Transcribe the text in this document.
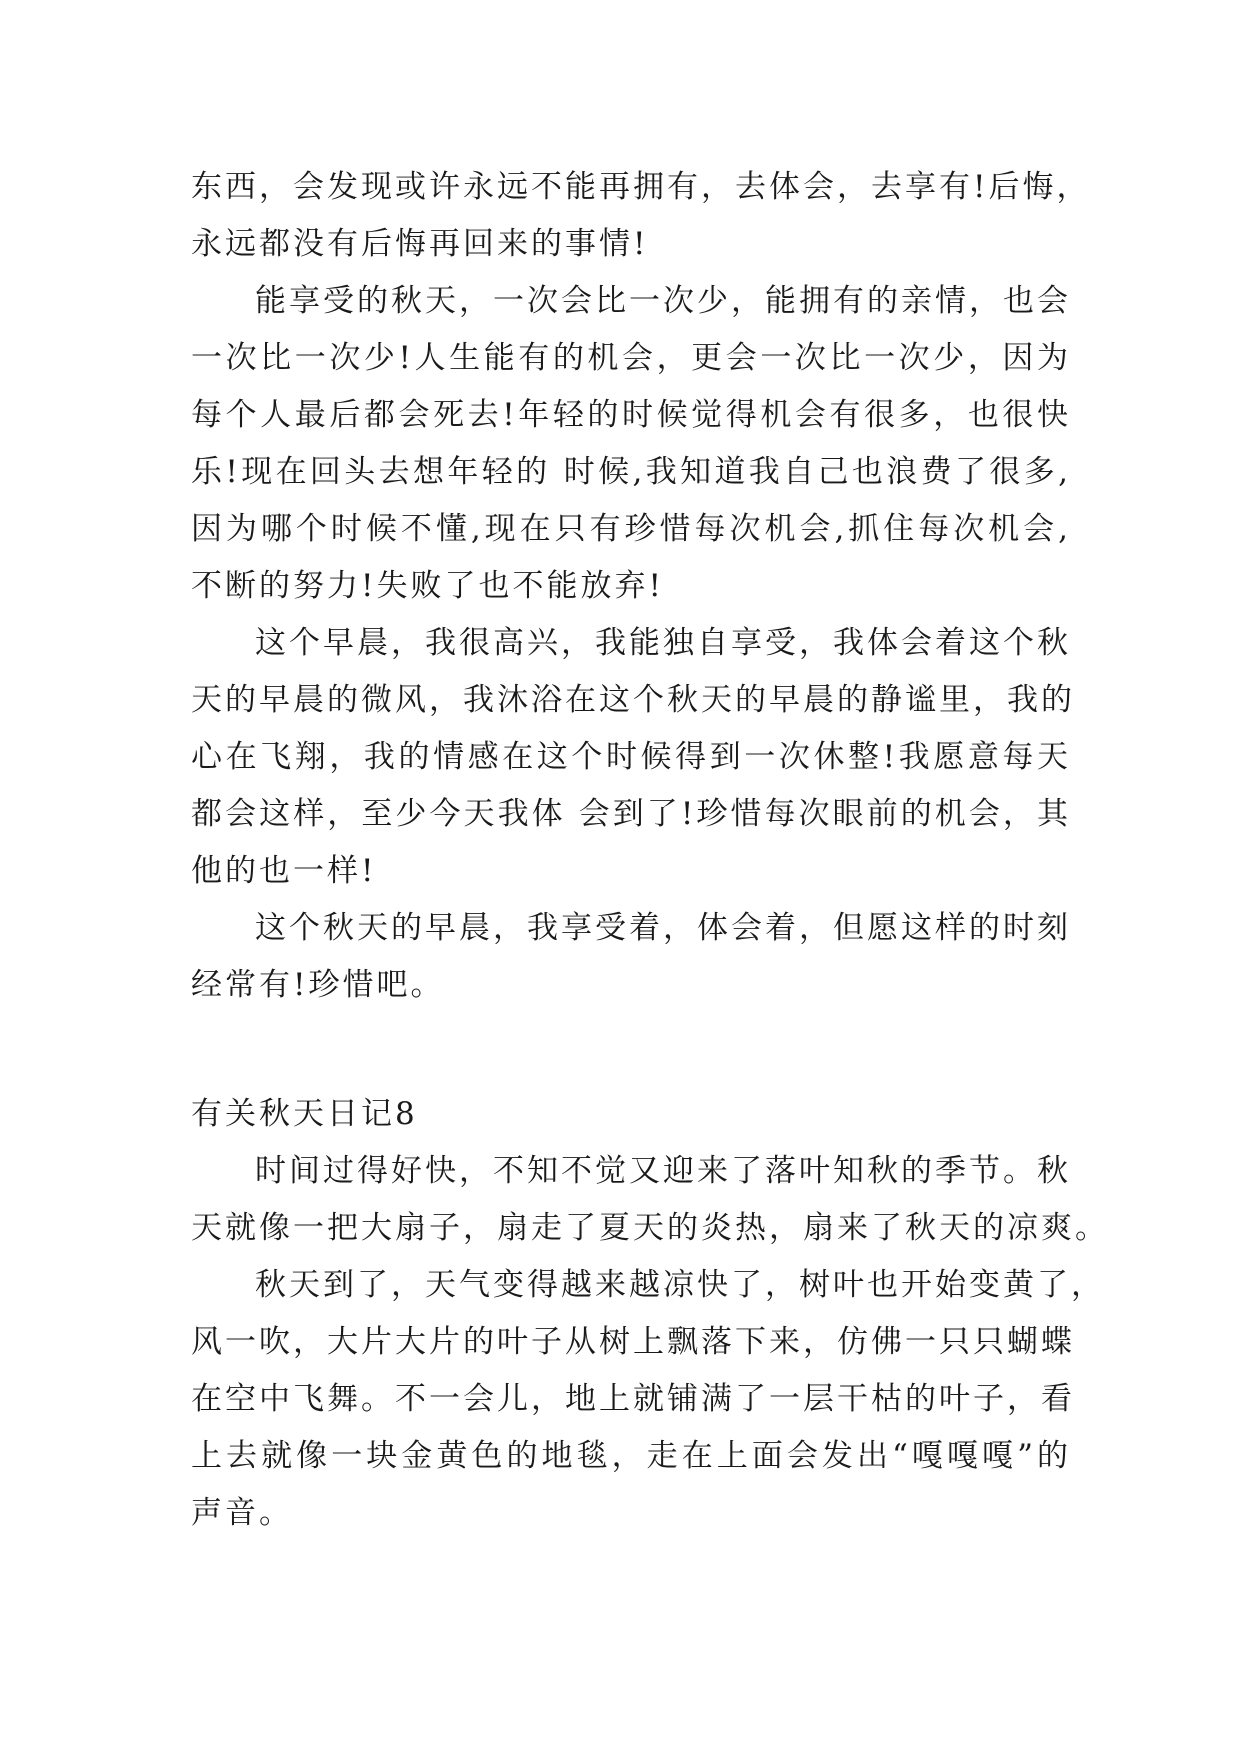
东西，会发现或许永远不能再拥有，去体会，去享有!后悔，
永远都没有后悔再回来的事情!
能享受的秋天，一次会比一次少，能拥有的亲情，也会
一次比一次少!人生能有的机会，更会一次比一次少，因为
每个人最后都会死去!年轻的时候觉得机会有很多，也很快
乐!现在回头去想年轻的 时候,我知道我自己也浪费了很多,
因为哪个时候不懂,现在只有珍惜每次机会,抓住每次机会,
不断的努力!失败了也不能放弃!
这个早晨，我很高兴，我能独自享受，我体会着这个秋
天的早晨的微风，我沐浴在这个秋天的早晨的静谧里，我的
心在飞翔，我的情感在这个时候得到一次休整!我愿意每天
都会这样，至少今天我体 会到了!珍惜每次眼前的机会，其
他的也一样!
这个秋天的早晨，我享受着，体会着，但愿这样的时刻
经常有!珍惜吧。
有关秋天日记8
时间过得好快，不知不觉又迎来了落叶知秋的季节。秋
天就像一把大扇子，扇走了夏天的炎热，扇来了秋天的凉爽。
秋天到了，天气变得越来越凉快了，树叶也开始变黄了，
风一吹，大片大片的叶子从树上飘落下来，仿佛一只只蝴蝶
在空中飞舞。不一会儿，地上就铺满了一层干枯的叶子，看
上去就像一块金黄色的地毯，走在上面会发出“嘎嘎嘎”的
声音。
